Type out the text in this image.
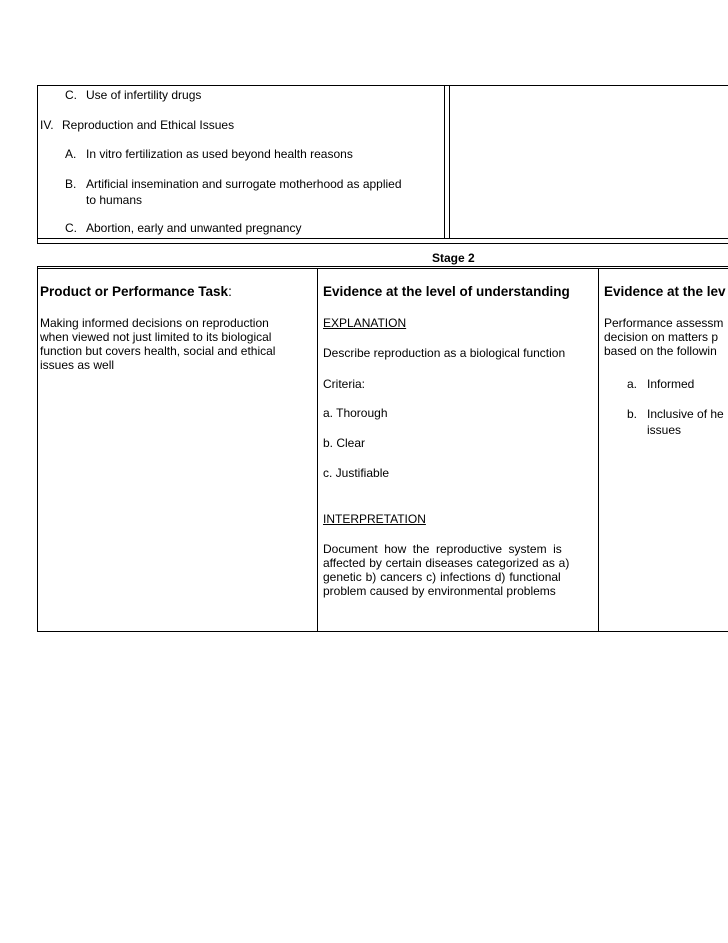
C. Use of infertility drugs
IV. Reproduction and Ethical Issues
A. In vitro fertilization as used beyond health reasons
B. Artificial insemination and surrogate motherhood as applied
to humans
C. Abortion, early and unwanted pregnancy
Stage 2
Product or Performance Task:
Making informed decisions on reproduction
when viewed not just limited to its biological
function but covers health, social and ethical
issues as well
Evidence at the level of understanding
EXPLANATION
Describe reproduction as a biological function
Criteria:
a. Thorough
b. Clear
c. Justifiable
INTERPRETATION
Document how the reproductive system is
affected by certain diseases categorized as a)
genetic b) cancers c) infections d) functional
problem caused by environmental problems
Evidence at the lev
Performance assessm
decision on matters p
based on the followin
a. Informed
b. Inclusive of he
issues
